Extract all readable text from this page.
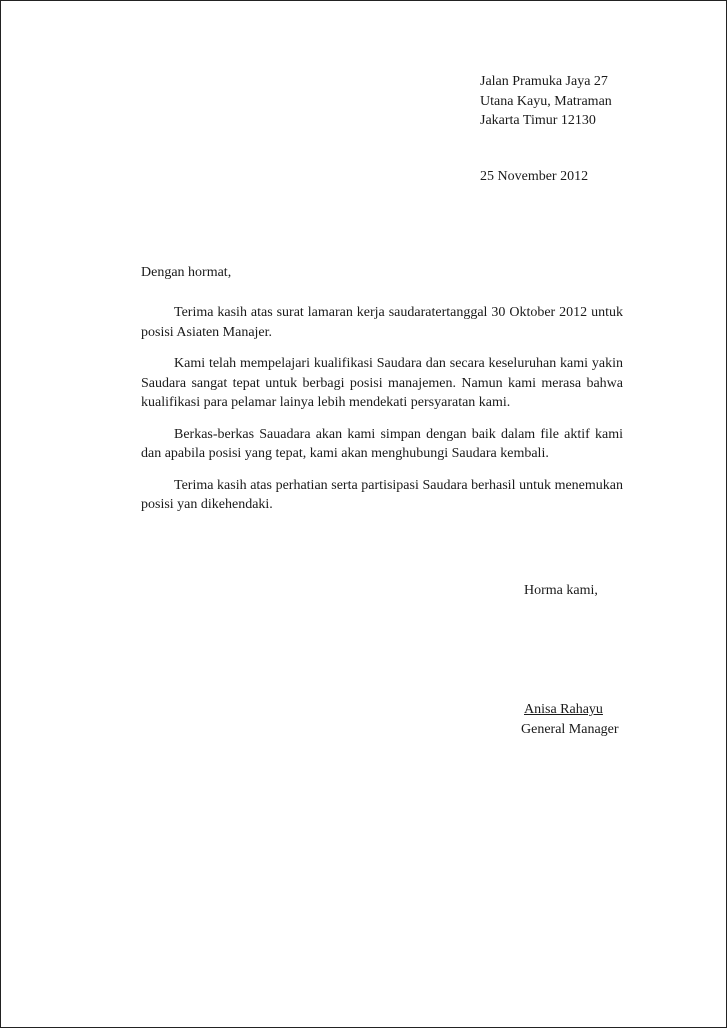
Jalan Pramuka Jaya 27
Utana Kayu, Matraman
Jakarta Timur 12130
25 November 2012
Dengan hormat,

Terima kasih atas surat lamaran kerja saudaratertanggal 30 Oktober 2012 untuk posisi Asiaten Manajer.

Kami telah mempelajari kualifikasi Saudara dan secara keseluruhan kami yakin Saudara sangat tepat untuk berbagi posisi manajemen. Namun kami merasa bahwa kualifikasi para pelamar lainya lebih mendekati persyaratan kami.

Berkas-berkas Sauadara akan kami simpan dengan baik dalam file aktif kami dan apabila posisi yang tepat, kami akan menghubungi Saudara kembali.

Terima kasih atas perhatian serta partisipasi Saudara berhasil untuk menemukan posisi yan dikehendaki.

Horma kami,
Anisa Rahayu
General Manager
